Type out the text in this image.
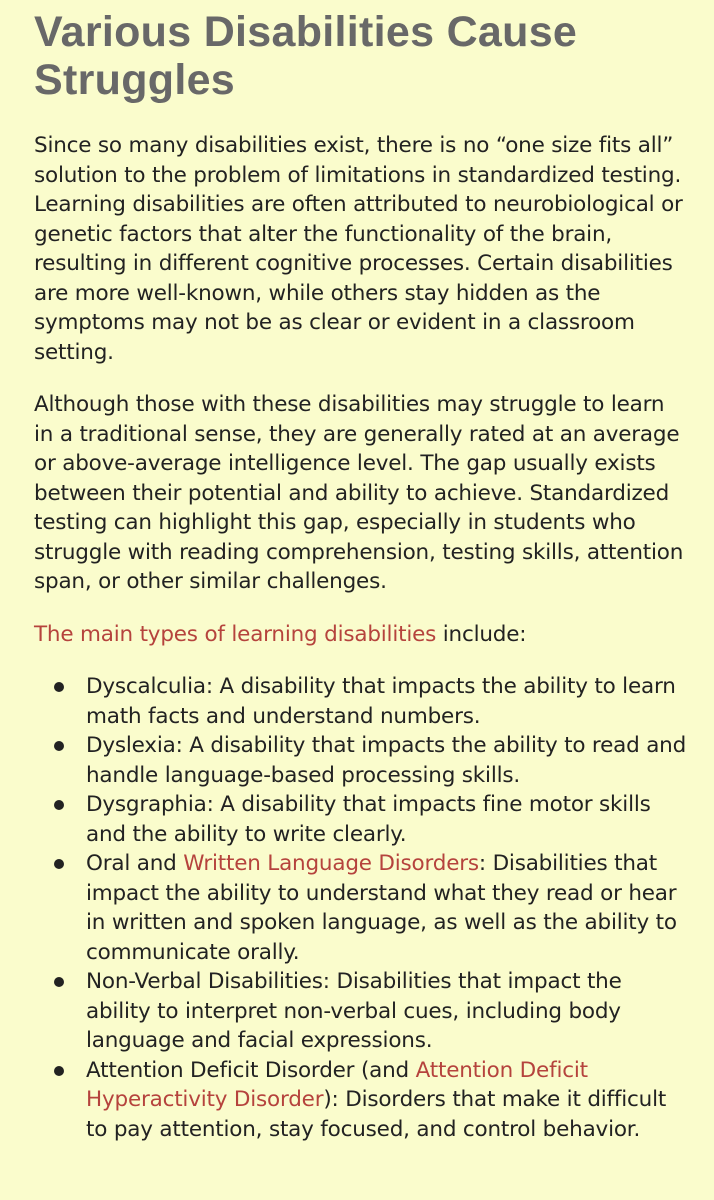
Various Disabilities Cause Struggles

Since so many disabilities exist, there is no “one size fits all” solution to the problem of limitations in standardized testing. Learning disabilities are often attributed to neurobiological or genetic factors that alter the functionality of the brain, resulting in different cognitive processes. Certain disabilities are more well-known, while others stay hidden as the symptoms may not be as clear or evident in a classroom setting.

Although those with these disabilities may struggle to learn in a traditional sense, they are generally rated at an average or above-average intelligence level. The gap usually exists between their potential and ability to achieve. Standardized testing can highlight this gap, especially in students who struggle with reading comprehension, testing skills, attention span, or other similar challenges.

The main types of learning disabilities include:

Dyscalculia: A disability that impacts the ability to learn math facts and understand numbers.
Dyslexia: A disability that impacts the ability to read and handle language-based processing skills.
Dysgraphia: A disability that impacts fine motor skills and the ability to write clearly.
Oral and Written Language Disorders: Disabilities that impact the ability to understand what they read or hear in written and spoken language, as well as the ability to communicate orally.
Non-Verbal Disabilities: Disabilities that impact the ability to interpret non-verbal cues, including body language and facial expressions.
Attention Deficit Disorder (and Attention Deficit Hyperactivity Disorder): Disorders that make it difficult to pay attention, stay focused, and control behavior.
